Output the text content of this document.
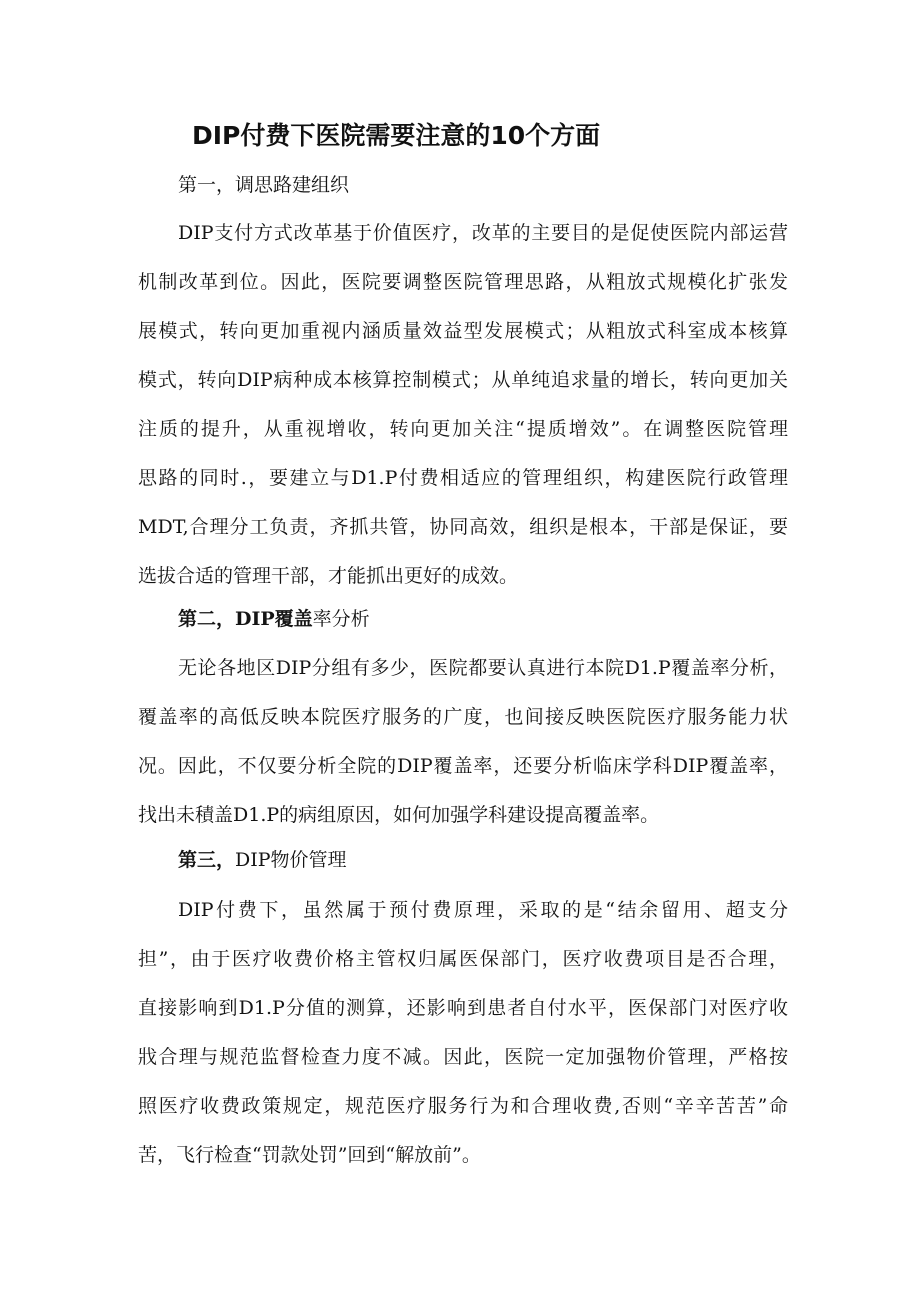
DIP付费下医院需要注意的10个方面
第一，调思路建组织
DIP支付方式改革基于价值医疗，改革的主要目的是促使医院内部运营
机制改革到位。因此，医院要调整医院管理思路，从粗放式规模化扩张发
展模式，转向更加重视内涵质量效益型发展模式；从粗放式科室成本核算
模式，转向DIP病种成本核算控制模式；从单纯追求量的增长，转向更加关
注质的提升，从重视增收，转向更加关注“提质增效”。在调整医院管理
思路的同时.，要建立与D1.P付费相适应的管理组织，构建医院行政管理
MDT,合理分工负责，齐抓共管，协同高效，组织是根本，干部是保证，要
选拔合适的管理干部，才能抓出更好的成效。
第二，DIP覆盖率分析
无论各地区DIP分组有多少，医院都要认真进行本院D1.P覆盖率分析，
覆盖率的高低反映本院医疗服务的广度，也间接反映医院医疗服务能力状
况。因此，不仅要分析全院的DIP覆盖率，还要分析临床学科DIP覆盖率，
找出未積盖D1.P的病组原因，如何加强学科建设提高覆盖率。
第三，DIP物价管理
DIP付费下，虽然属于预付费原理，采取的是“结余留用、超支分
担”，由于医疗收费价格主管权归属医保部门，医疗收费项目是否合理，
直接影响到D1.P分值的测算，还影响到患者自付水平，医保部门对医疗收
戕合理与规范监督检查力度不减。因此，医院一定加强物价管理，严格按
照医疗收费政策规定，规范医疗服务行为和合理收费,否则“辛辛苦苦”命
苦，飞行检查“罚款处罚”回到“解放前”。
